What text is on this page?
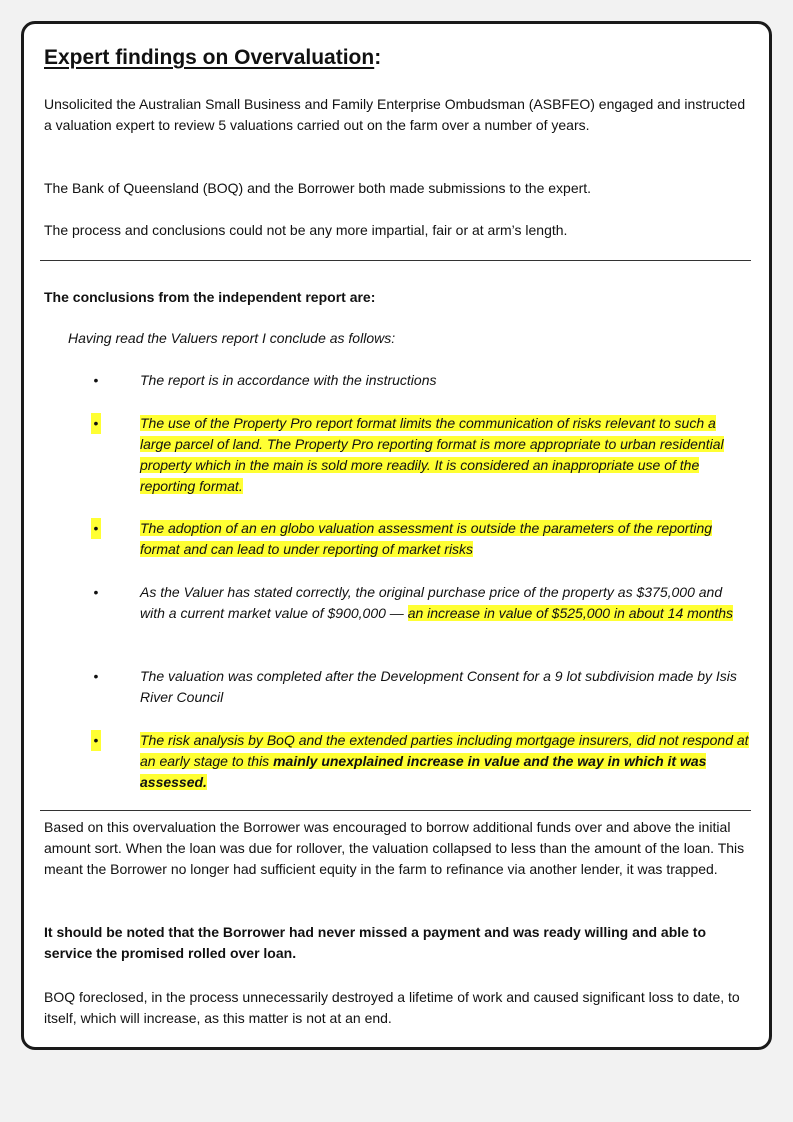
Expert findings on Overvaluation:

Unsolicited the Australian Small Business and Family Enterprise Ombudsman (ASBFEO) engaged and instructed a valuation expert to review 5 valuations carried out on the farm over a number of years.

The Bank of Queensland (BOQ) and the Borrower both made submissions to the expert.

The process and conclusions could not be any more impartial, fair or at arm’s length.

The conclusions from the independent report are:

Having read the Valuers report I conclude as follows:

•	The report is in accordance with the instructions
•	The use of the Property Pro report format limits the communication of risks relevant to such a large parcel of land. The Property Pro reporting format is more appropriate to urban residential property which in the main is sold more readily. It is considered an inappropriate use of the reporting format.
•	The adoption of an en globo valuation assessment is outside the parameters of the reporting format and can lead to under reporting of market risks
•	As the Valuer has stated correctly, the original purchase price of the property as $375,000 and with a current market value of $900,000 — an increase in value of $525,000 in about 14 months
•	The valuation was completed after the Development Consent for a 9 lot subdivision made by Isis River Council
•	The risk analysis by BoQ and the extended parties including mortgage insurers, did not respond at an early stage to this mainly unexplained increase in value and the way in which it was assessed.

Based on this overvaluation the Borrower was encouraged to borrow additional funds over and above the initial amount sort. When the loan was due for rollover, the valuation collapsed to less than the amount of the loan. This meant the Borrower no longer had sufficient equity in the farm to refinance via another lender, it was trapped.

It should be noted that the Borrower had never missed a payment and was ready willing and able to service the promised rolled over loan.

BOQ foreclosed, in the process unnecessarily destroyed a lifetime of work and caused significant loss to date, to itself, which will increase, as this matter is not at an end.
